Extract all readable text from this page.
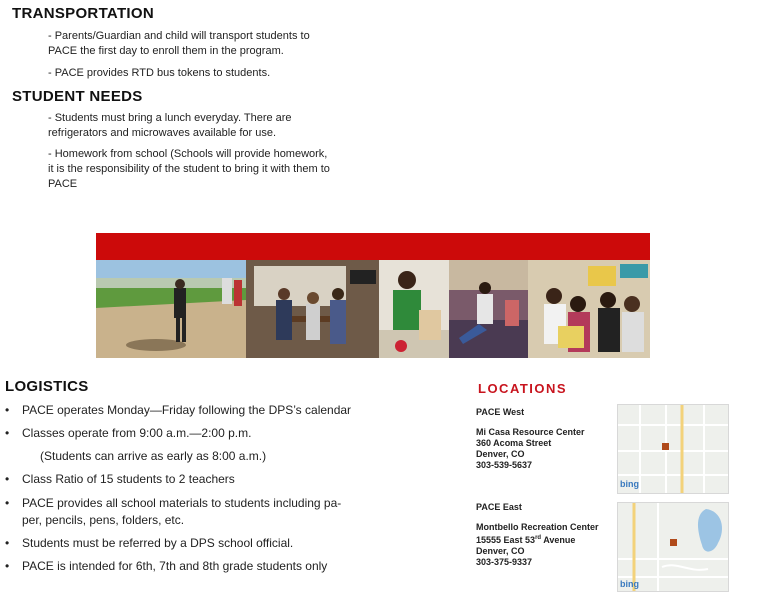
TRANSPORTATION
- Parents/Guardian and child will transport students to
PACE the first day to enroll them in the program.
- PACE provides RTD bus tokens to students.
STUDENT NEEDS
- Students must bring a lunch everyday. There are
refrigerators and microwaves available for use.
- Homework from school (Schools will provide homework,
it is the responsibility of the student to bring it with them to
PACE
LOGISTICS
• PACE operates Monday—Friday following the DPS’s calendar
• Classes operate from 9:00 a.m.—2:00 p.m.
(Students can arrive as early as 8:00 a.m.)
• Class Ratio of 15 students to 2 teachers
• PACE provides all school materials to students including pa-
per, pencils, pens, folders, etc.
• Students must be referred by a DPS school official.
• PACE is intended for 6th, 7th and 8th grade students only
LOCATIONS
PACE West
Mi Casa Resource Center
360 Acoma Street
Denver, CO
303-539-5637
bing
PACE East
Montbello Recreation Center
15555 East 53rd Avenue
Denver, CO
303-375-9337
bing
